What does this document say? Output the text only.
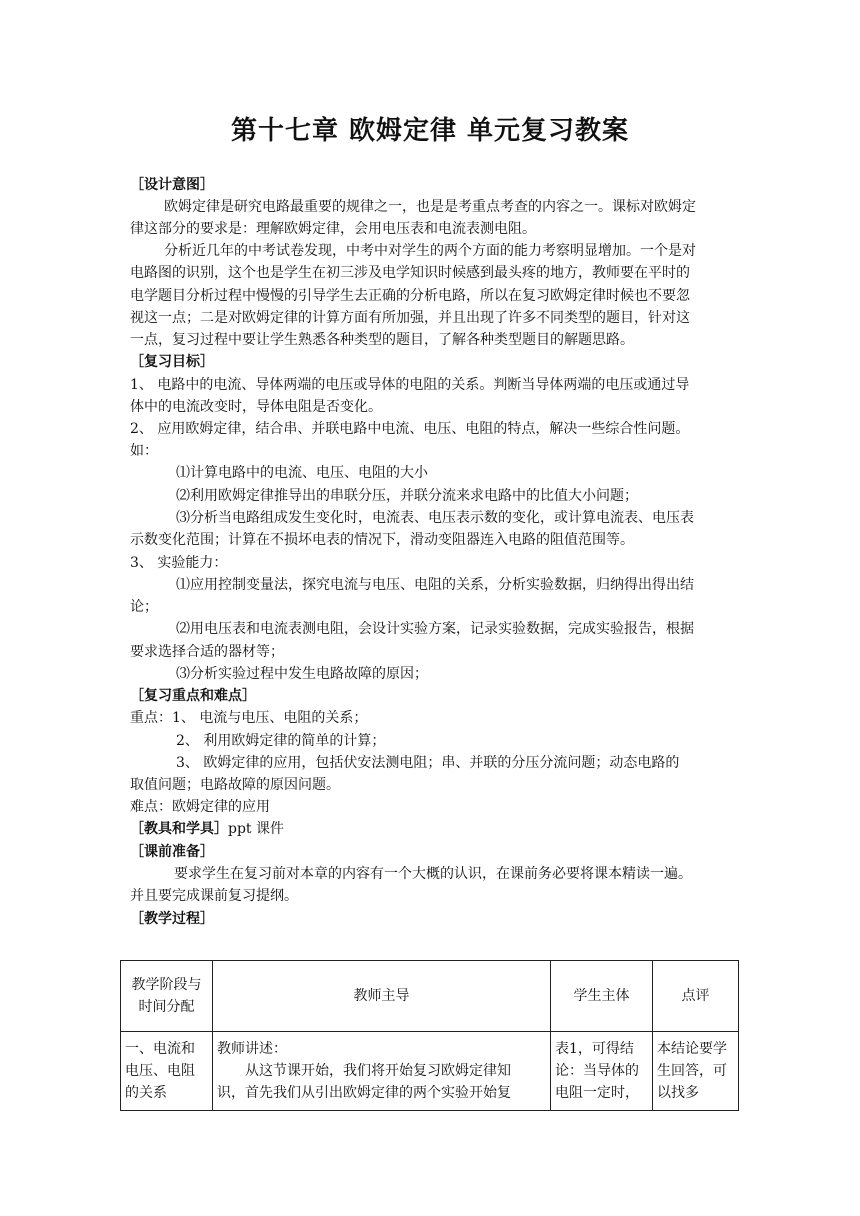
第十七章 欧姆定律 单元复习教案
［设计意图］
欧姆定律是研究电路最重要的规律之一，也是是考重点考查的内容之一。课标对欧姆定
律这部分的要求是：理解欧姆定律，会用电压表和电流表测电阻。
分析近几年的中考试卷发现，中考中对学生的两个方面的能力考察明显增加。一个是对
电路图的识别，这个也是学生在初三涉及电学知识时候感到最头疼的地方，教师要在平时的
电学题目分析过程中慢慢的引导学生去正确的分析电路，所以在复习欧姆定律时候也不要忽
视这一点；二是对欧姆定律的计算方面有所加强，并且出现了许多不同类型的题目，针对这
一点，复习过程中要让学生熟悉各种类型的题目，了解各种类型题目的解题思路。
［复习目标］
1、 电路中的电流、导体两端的电压或导体的电阻的关系。判断当导体两端的电压或通过导
体中的电流改变时，导体电阻是否变化。
2、 应用欧姆定律，结合串、并联电路中电流、电压、电阻的特点，解决一些综合性问题。
如：
⑴计算电路中的电流、电压、电阻的大小
⑵利用欧姆定律推导出的串联分压，并联分流来求电路中的比值大小问题；
⑶分析当电路组成发生变化时，电流表、电压表示数的变化，或计算电流表、电压表
示数变化范围；计算在不损坏电表的情况下，滑动变阻器连入电路的阻值范围等。
3、 实验能力：
⑴应用控制变量法，探究电流与电压、电阻的关系，分析实验数据，归纳得出得出结
论；
⑵用电压表和电流表测电阻，会设计实验方案，记录实验数据，完成实验报告，根据
要求选择合适的器材等；
⑶分析实验过程中发生电路故障的原因；
［复习重点和难点］
重点：1、 电流与电压、电阻的关系；
2、 利用欧姆定律的简单的计算；
3、 欧姆定律的应用，包括伏安法测电阻；串、并联的分压分流问题；动态电路的
取值问题；电路故障的原因问题。
难点：欧姆定律的应用
［教具和学具］ppt 课件
［课前准备］
要求学生在复习前对本章的内容有一个大概的认识，在课前务必要将课本精读一遍。
并且要完成课前复习提纲。
［教学过程］
教学阶段与时间分配	教师主导	学生主体	点评
一、电流和电压、电阻的关系	教师讲述：
从这节课开始，我们将开始复习欧姆定律知
识，首先我们从引出欧姆定律的两个实验开始复	表1，可得结论：当导体的电阻一定时，	本结论要学生回答，可以找多
